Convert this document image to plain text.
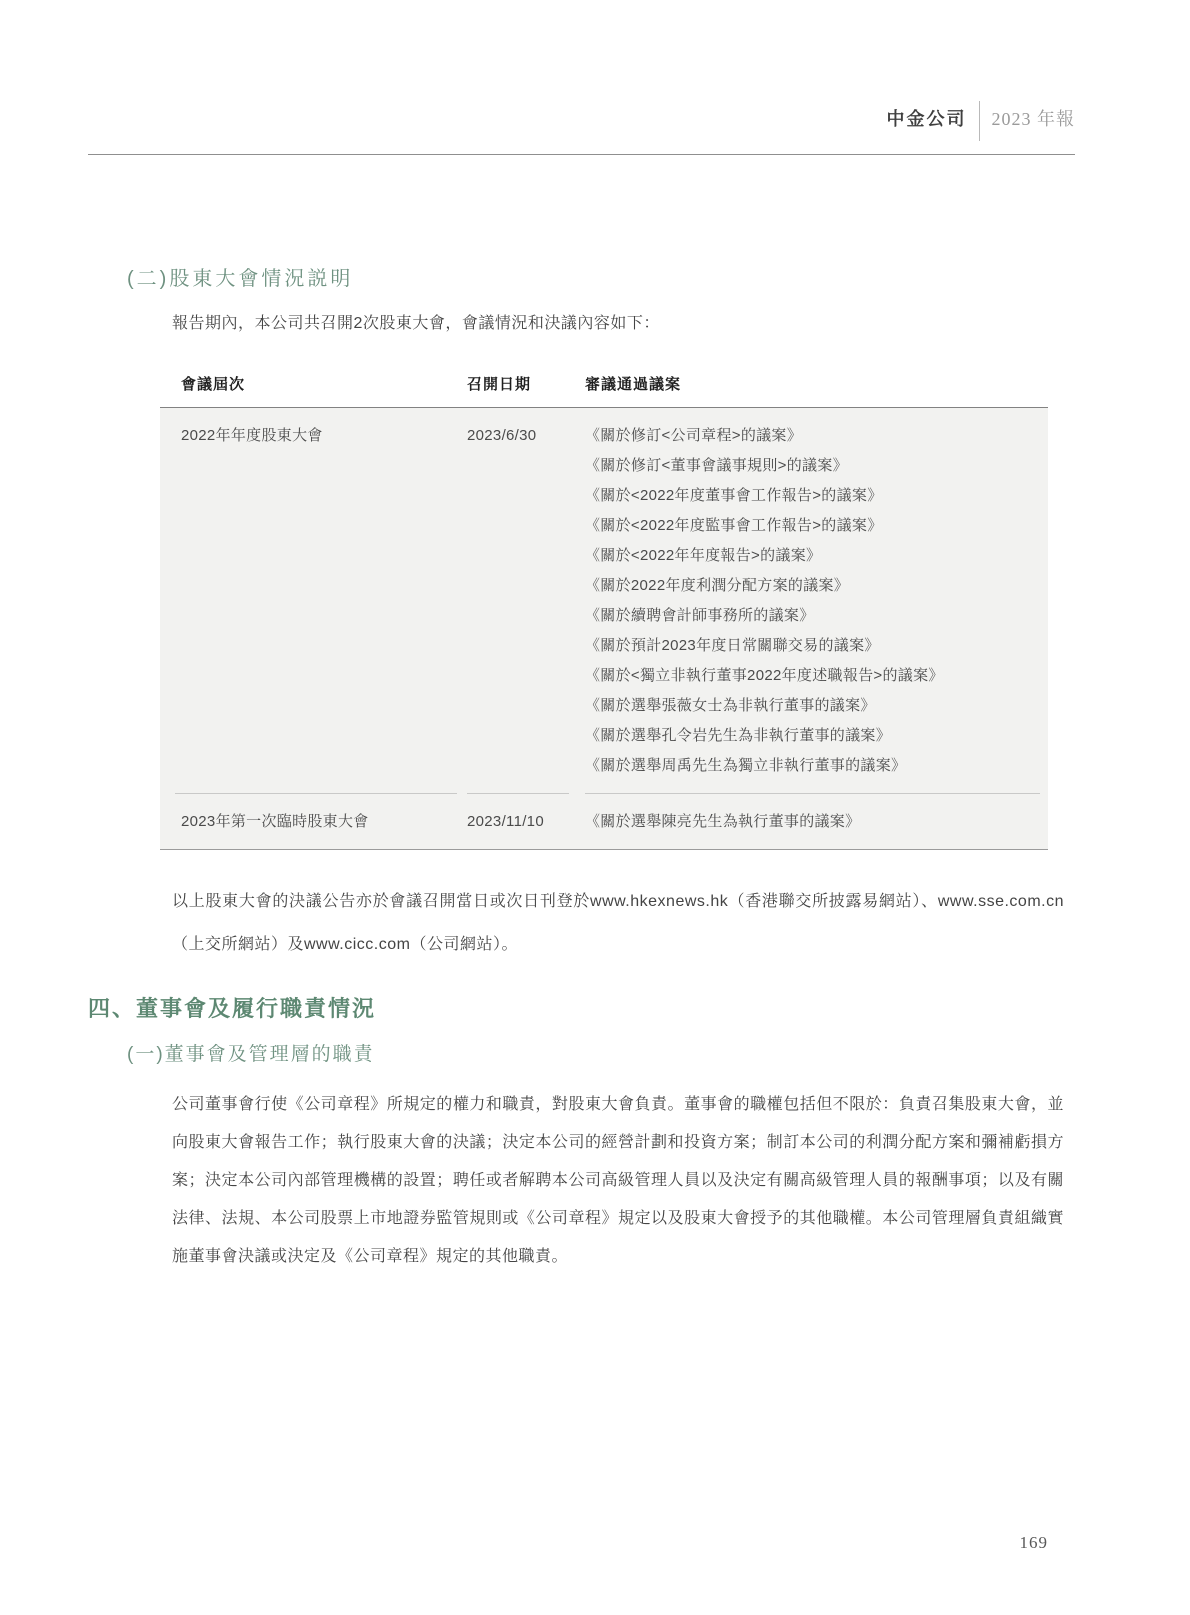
中金公司 2023 年報
(二)股東大會情況説明

報告期內，本公司共召開2次股東大會，會議情況和決議內容如下：

會議屆次	召開日期	審議通過議案
2022年年度股東大會	2023/6/30	《關於修訂<公司章程>的議案》
《關於修訂<董事會議事規則>的議案》
《關於<2022年度董事會工作報告>的議案》
《關於<2022年度監事會工作報告>的議案》
《關於<2022年年度報告>的議案》
《關於2022年度利潤分配方案的議案》
《關於續聘會計師事務所的議案》
《關於預計2023年度日常關聯交易的議案》
《關於<獨立非執行董事2022年度述職報告>的議案》
《關於選舉張薇女士為非執行董事的議案》
《關於選舉孔令岩先生為非執行董事的議案》
《關於選舉周禹先生為獨立非執行董事的議案》
2023年第一次臨時股東大會	2023/11/10	《關於選舉陳亮先生為執行董事的議案》

以上股東大會的決議公告亦於會議召開當日或次日刊登於www.hkexnews.hk（香港聯交所披露易網站）、www.sse.com.cn（上交所網站）及www.cicc.com（公司網站）。

四、董事會及履行職責情況
(一)董事會及管理層的職責

公司董事會行使《公司章程》所規定的權力和職責，對股東大會負責。董事會的職權包括但不限於：負責召集股東大會，並向股東大會報告工作；執行股東大會的決議；決定本公司的經營計劃和投資方案；制訂本公司的利潤分配方案和彌補虧損方案；決定本公司內部管理機構的設置；聘任或者解聘本公司高級管理人員以及決定有關高級管理人員的報酬事項；以及有關法律、法規、本公司股票上市地證券監管規則或《公司章程》規定以及股東大會授予的其他職權。本公司管理層負責組織實施董事會決議或決定及《公司章程》規定的其他職責。

169
